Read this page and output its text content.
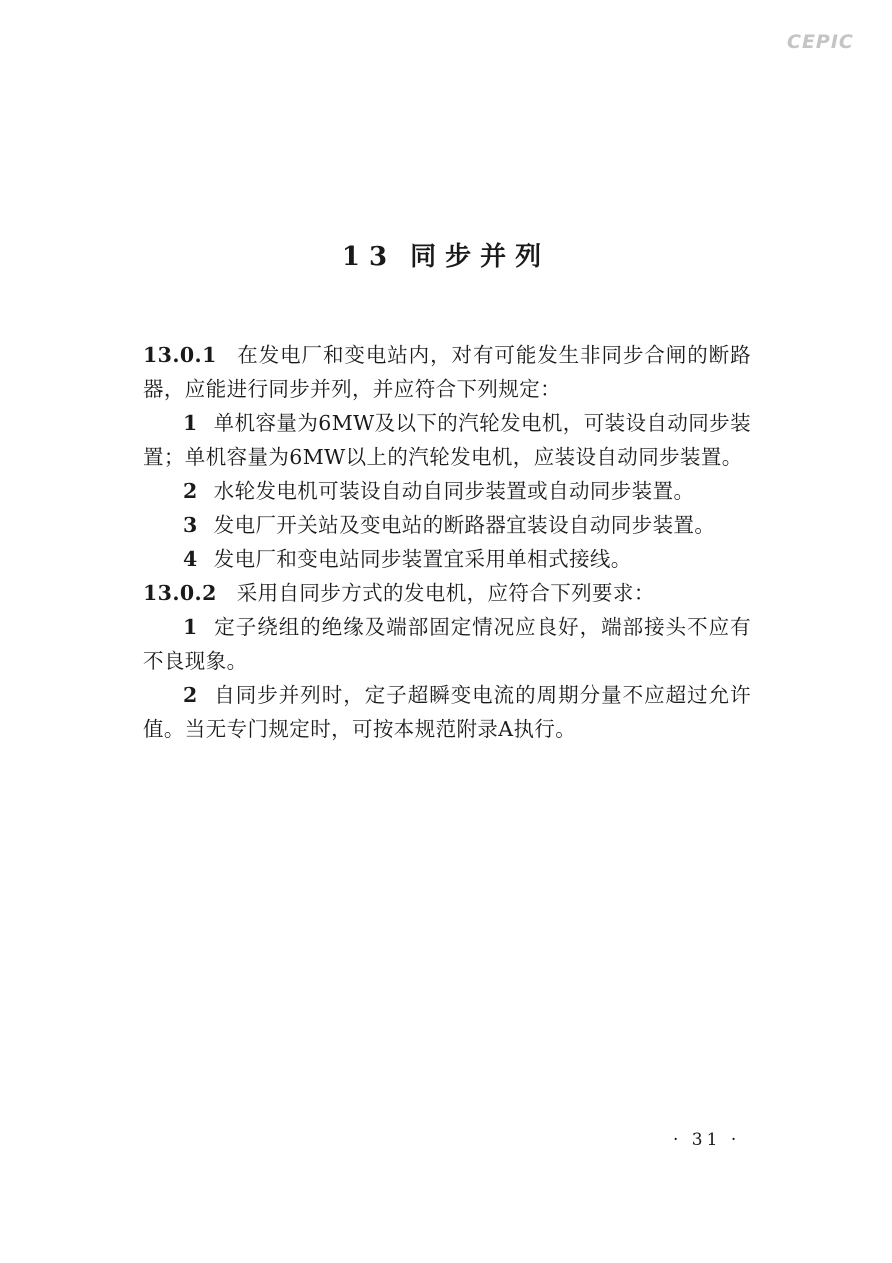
CEPIC
13 同步并列

13.0.1 在发电厂和变电站内，对有可能发生非同步合闸的断路器，应能进行同步并列，并应符合下列规定：

1 单机容量为6MW及以下的汽轮发电机，可装设自动同步装置；单机容量为6MW以上的汽轮发电机，应装设自动同步装置。

2 水轮发电机可装设自动自同步装置或自动同步装置。

3 发电厂开关站及变电站的断路器宜装设自动同步装置。

4 发电厂和变电站同步装置宜采用单相式接线。

13.0.2 采用自同步方式的发电机，应符合下列要求：

1 定子绕组的绝缘及端部固定情况应良好，端部接头不应有不良现象。

2 自同步并列时，定子超瞬变电流的周期分量不应超过允许值。当无专门规定时，可按本规范附录A执行。

· 31 ·
